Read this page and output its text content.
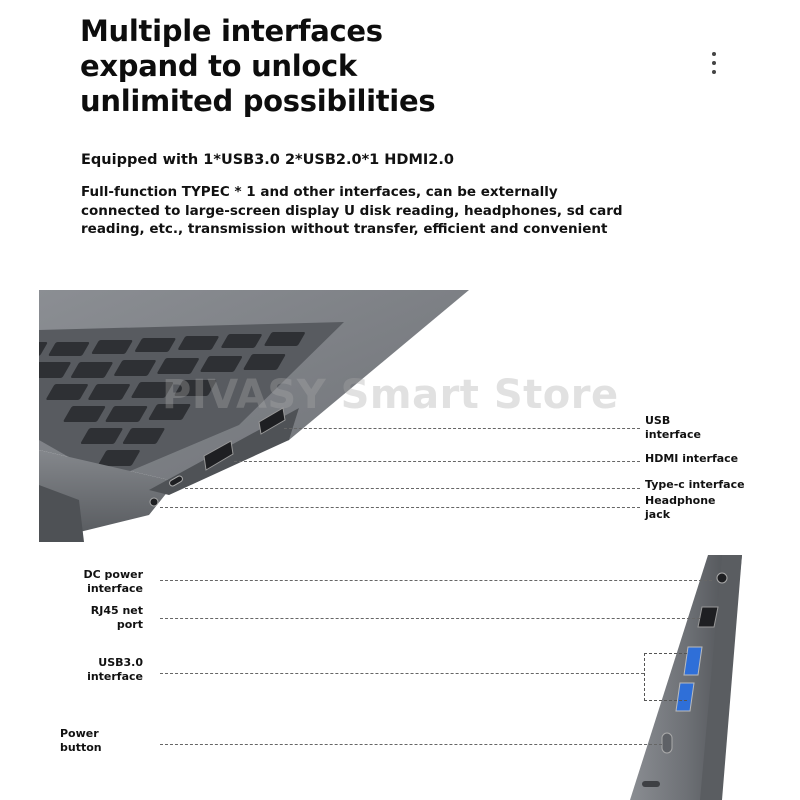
Multiple interfaces
expand to unlock
unlimited possibilities

Equipped with 1*USB3.0 2*USB2.0*1 HDMI2.0

Full-function TYPEC * 1 and other interfaces, can be externally
connected to large-screen display U disk reading, headphones, sd card
reading, etc., transmission without transfer, efficient and convenient

PIVASY Smart Store
USB
interface
HDMI interface
Type-c interface
Headphone
jack
DC power
interface
RJ45 net
port
USB3.0
interface
Power
button
